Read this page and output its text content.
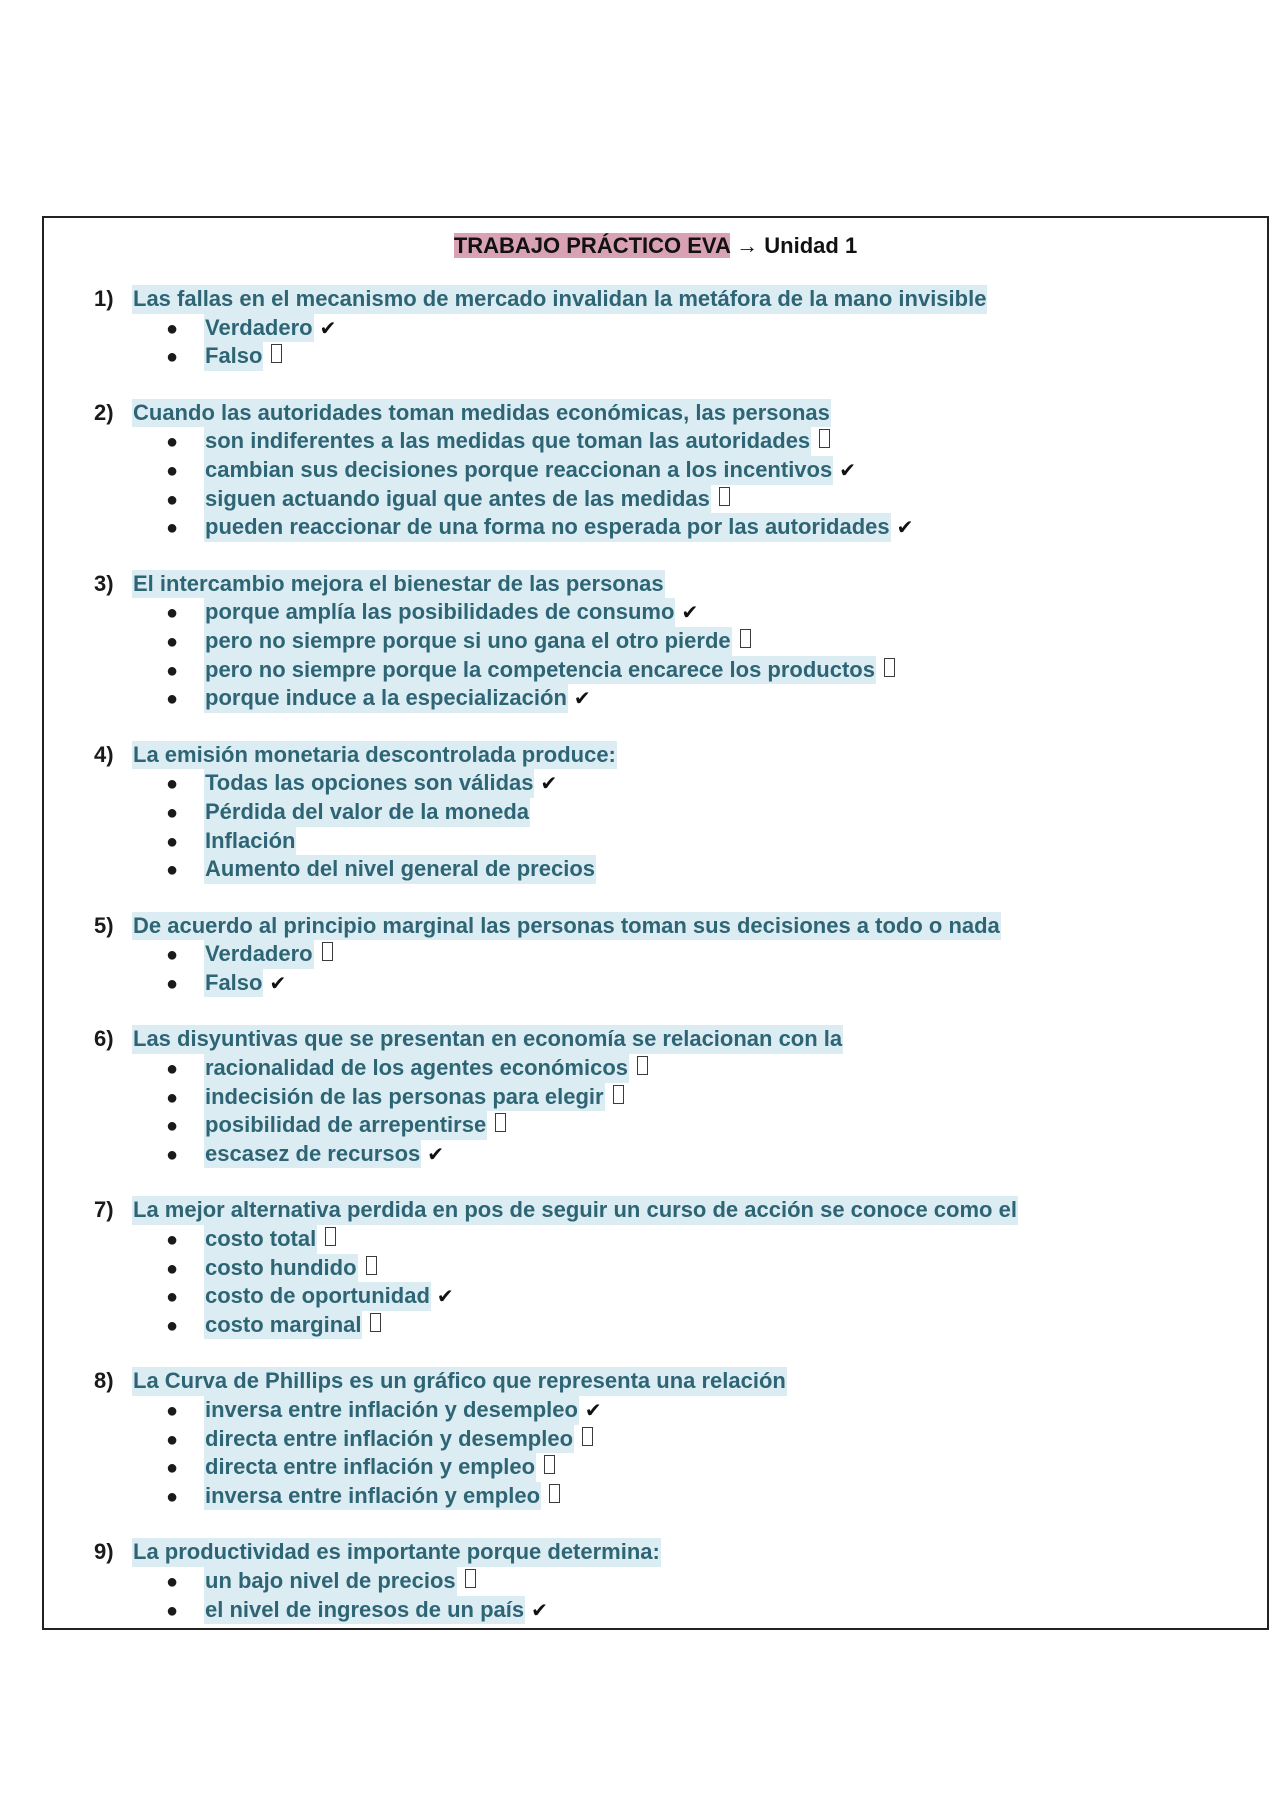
TRABAJO PRÁCTICO EVA → Unidad 1
1) Las fallas en el mecanismo de mercado invalidan la metáfora de la mano invisible
●	Verdadero ✔
●	Falso
2) Cuando las autoridades toman medidas económicas, las personas
●	son indiferentes a las medidas que toman las autoridades
●	cambian sus decisiones porque reaccionan a los incentivos ✔
●	siguen actuando igual que antes de las medidas
●	pueden reaccionar de una forma no esperada por las autoridades ✔
3) El intercambio mejora el bienestar de las personas
●	porque amplía las posibilidades de consumo ✔
●	pero no siempre porque si uno gana el otro pierde
●	pero no siempre porque la competencia encarece los productos
●	porque induce a la especialización ✔
4) La emisión monetaria descontrolada produce:
●	Todas las opciones son válidas ✔
●	Pérdida del valor de la moneda
●	Inflación
●	Aumento del nivel general de precios
5) De acuerdo al principio marginal las personas toman sus decisiones a todo o nada
●	Verdadero
●	Falso ✔
6) Las disyuntivas que se presentan en economía se relacionan con la
●	racionalidad de los agentes económicos
●	indecisión de las personas para elegir
●	posibilidad de arrepentirse
●	escasez de recursos ✔
7) La mejor alternativa perdida en pos de seguir un curso de acción se conoce como el
●	costo total
●	costo hundido
●	costo de oportunidad ✔
●	costo marginal
8) La Curva de Phillips es un gráfico que representa una relación
●	inversa entre inflación y desempleo ✔
●	directa entre inflación y desempleo
●	directa entre inflación y empleo
●	inversa entre inflación y empleo
9) La productividad es importante porque determina:
●	un bajo nivel de precios
●	el nivel de ingresos de un país ✔
